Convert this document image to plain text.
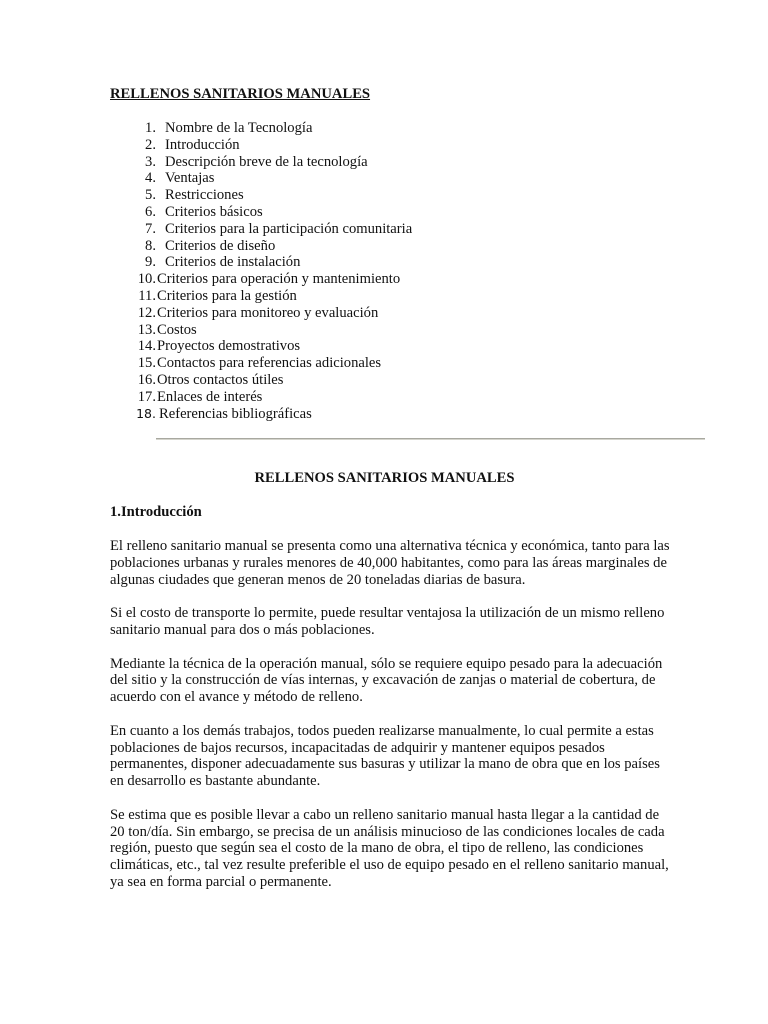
RELLENOS SANITARIOS MANUALES
1. Nombre de la Tecnología
2. Introducción
3. Descripción breve de la tecnología
4. Ventajas
5. Restricciones
6. Criterios básicos
7. Criterios para la participación comunitaria
8. Criterios de diseño
9. Criterios de instalación
10. Criterios para operación y mantenimiento
11. Criterios para la gestión
12. Criterios para monitoreo y evaluación
13. Costos
14. Proyectos demostrativos
15. Contactos para referencias adicionales
16. Otros contactos útiles
17. Enlaces de interés
18. Referencias bibliográficas
RELLENOS SANITARIOS MANUALES
1.Introducción

El relleno sanitario manual se presenta como una alternativa técnica y económica, tanto para las poblaciones urbanas y rurales menores de 40,000 habitantes, como para las áreas marginales de algunas ciudades que generan menos de 20 toneladas diarias de basura.

Si el costo de transporte lo permite, puede resultar ventajosa la utilización de un mismo relleno sanitario manual para dos o más poblaciones.

Mediante la técnica de la operación manual, sólo se requiere equipo pesado para la adecuación del sitio y la construcción de vías internas, y excavación de zanjas o material de cobertura, de acuerdo con el avance y método de relleno.

En cuanto a los demás trabajos, todos pueden realizarse manualmente, lo cual permite a estas poblaciones de bajos recursos, incapacitadas de adquirir y mantener equipos pesados permanentes, disponer adecuadamente sus basuras y utilizar la mano de obra que en los países en desarrollo es bastante abundante.

Se estima que es posible llevar a cabo un relleno sanitario manual hasta llegar a la cantidad de 20 ton/día. Sin embargo, se precisa de un análisis minucioso de las condiciones locales de cada región, puesto que según sea el costo de la mano de obra, el tipo de relleno, las condiciones climáticas, etc., tal vez resulte preferible el uso de equipo pesado en el relleno sanitario manual, ya sea en forma parcial o permanente.
